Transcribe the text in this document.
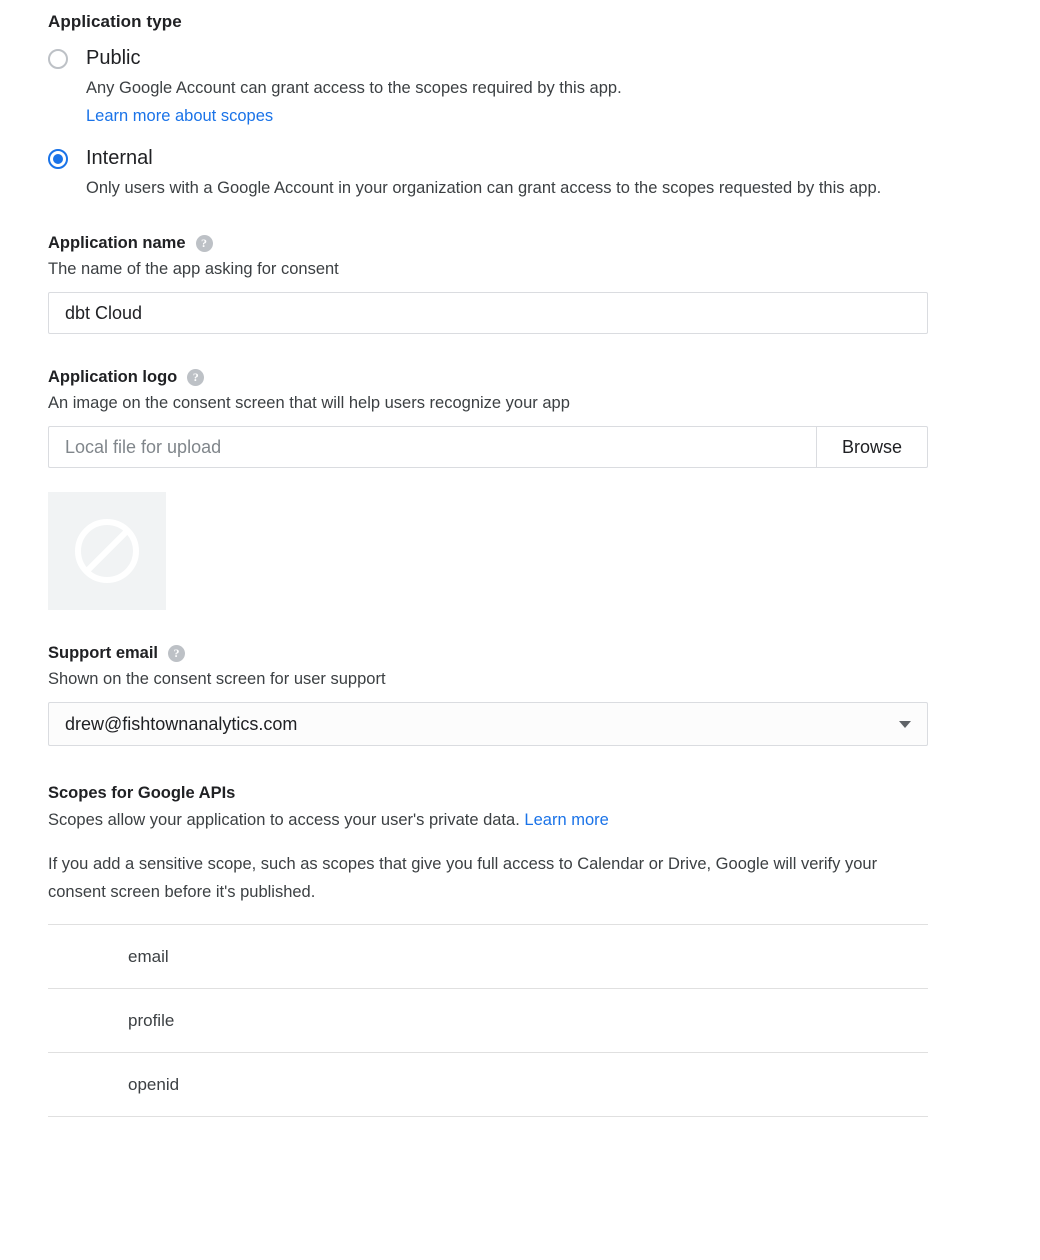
Application type
Public
Any Google Account can grant access to the scopes required by this app.
Learn more about scopes
Internal
Only users with a Google Account in your organization can grant access to the scopes requested by this app.
Application name	?
The name of the app asking for consent
dbt Cloud
Application logo	?
An image on the consent screen that will help users recognize your app
Local file for upload
Browse
Support email	?
Shown on the consent screen for user support
drew@fishtownanalytics.com
Scopes for Google APIs
Scopes allow your application to access your user's private data. Learn more
If you add a sensitive scope, such as scopes that give you full access to Calendar or Drive, Google will verify your consent screen before it's published.
email
profile
openid
